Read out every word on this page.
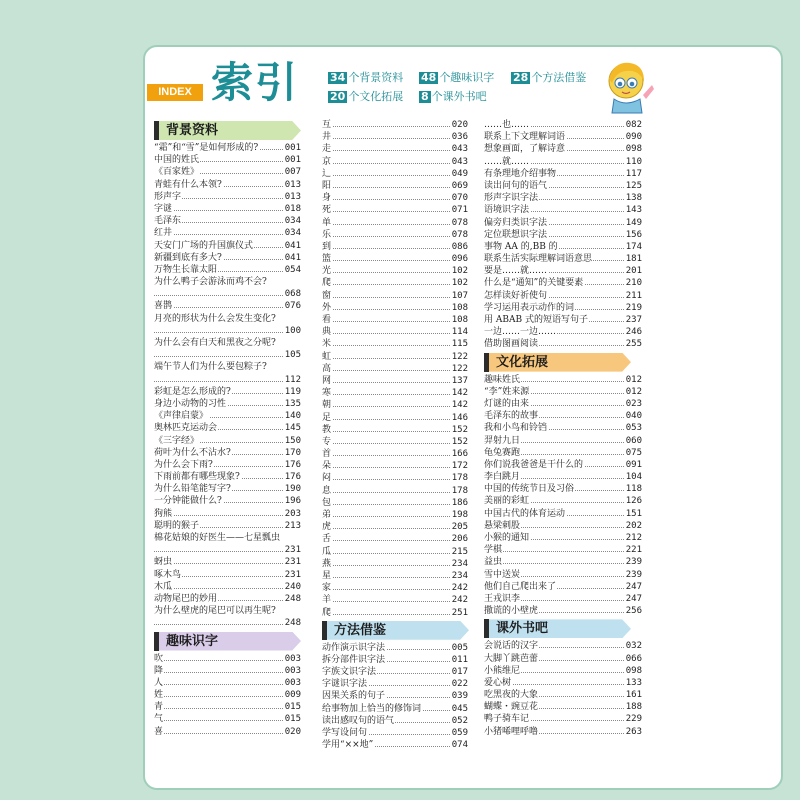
INDEX 索引	34 个背景资料 48 个趣味识字 28 个方法借鉴
20 个文化拓展 8 个课外书吧
背景资料
“霜”和“雪”是如何形成的?	001
中国的姓氏	001
《百家姓》	007
青蛙有什么本领?	013
形声字	013
字谜	018
毛泽东	034
红井	034
天安门广场的升国旗仪式	041
新疆到底有多大?	041
万物生长靠太阳	054
为什么鸭子会游泳而鸡不会?
068
喜鹊	076
月亮的形状为什么会发生变化?
100
为什么会有白天和黑夜之分呢?
105
端午节人们为什么要包粽子?
112
彩虹是怎么形成的?	119
身边小动物的习性	135
《声律启蒙》	140
奥林匹克运动会	145
《三字经》	150
荷叶为什么不沾水?	170
为什么会下雨?	176
下雨前都有哪些现象?	176
为什么铅笔能写字?	190
一分钟能做什么?	196
狗熊	203
聪明的猴子	213
棉花姑娘的好医生——七星瓢虫
231
蚜虫	231
啄木鸟	231
木瓜	240
动物尾巴的妙用	248
为什么壁虎的尾巴可以再生呢?
248
趣味识字
吹	003
降	003
人	003
姓	009
青	015
气	015
喜	020
互	020
井	036
走	043
京	043
辶	049
阳	069
身	070
死	071
单	078
乐	078
到	086
篮	096
光	102
爬	102
窗	107
外	108
看	108
典	114
米	115
虹	122
高	122
网	137
寒	142
朝	142
足	146
教	152
专	152
首	166
朵	172
闷	178
息	178
包	186
弟	198
虎	205
舌	206
瓜	215
燕	234
星	234
家	242
羊	242
爬	251
方法借鉴
动作演示识字法	005
拆分部件识字法	011
字族文识字法	017
字谜识字法	022
因果关系的句子	039
给事物加上恰当的修饰词	045
读出感叹句的语气	052
学写设问句	059
学用“××地”	074
……也……	082
联系上下文理解词语	090
想象画面，了解诗意	098
……就……	110
有条理地介绍事物	117
读出问句的语气	125
形声字识字法	138
语境识字法	143
偏旁归类识字法	149
定位联想识字法	156
事物 AA 的,BB 的	174
联系生活实际理解词语意思	181
要是……就……	201
什么是“通知”的关键要素	210
怎样读好祈使句	211
学习运用表示动作的词	219
用 ABAB 式的短语写句子	237
一边……一边……	246
借助图画阅读	255
文化拓展
趣味姓氏	012
“李”姓来源	012
灯谜的由来	023
毛泽东的故事	040
我和小鸟和铃铛	053
羿射九日	060
龟兔赛跑	075
你们说我爸爸是干什么的	091
李白跳月	104
中国的传统节日及习俗	118
美丽的彩虹	126
中国古代的体育运动	151
悬梁刺股	202
小猴的通知	212
学棋	221
益虫	239
雪中送炭	239
他们自己爬出来了	247
王戎识李	247
撒谎的小壁虎	256
课外书吧
会说话的汉字	032
大脚丫跳芭蕾	066
小熊维尼	098
爱心树	133
吃黑夜的大象	161
蝴蝶・豌豆花	188
鸭子骑车记	229
小猪唏哩呼噜	263
